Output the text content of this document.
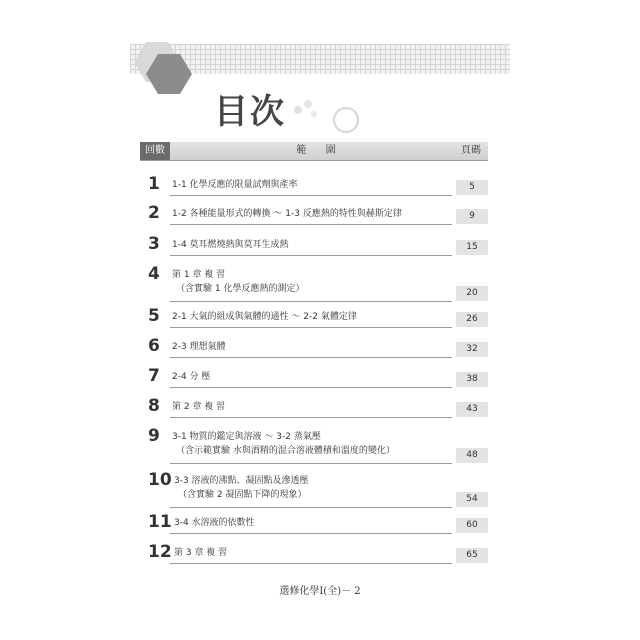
目次
回數	範 圍	頁碼
1 1-1 化學反應的限量試劑與產率	5
2 1-2 各種能量形式的轉換 ～ 1-3 反應熱的特性與赫斯定律	9
3 1-4 莫耳燃燒熱與莫耳生成熱	15
4 第 1 章 複 習
（含實驗 1 化學反應熱的測定）	20
5 2-1 大氣的組成與氣體的通性 ～ 2-2 氣體定律	26
6 2-3 理想氣體	32
7 2-4 分 壓	38
8 第 2 章 複 習	43
9 3-1 物質的鑑定與溶液 ～ 3-2 蒸氣壓
（含示範實驗 水與酒精的混合溶液體積和溫度的變化）	48
10 3-3 溶液的沸點、凝固點及滲透壓
（含實驗 2 凝固點下降的現象）	54
11 3-4 水溶液的依數性	60
12 第 3 章 複 習	65
選修化學Ⅰ(全)－ 2
